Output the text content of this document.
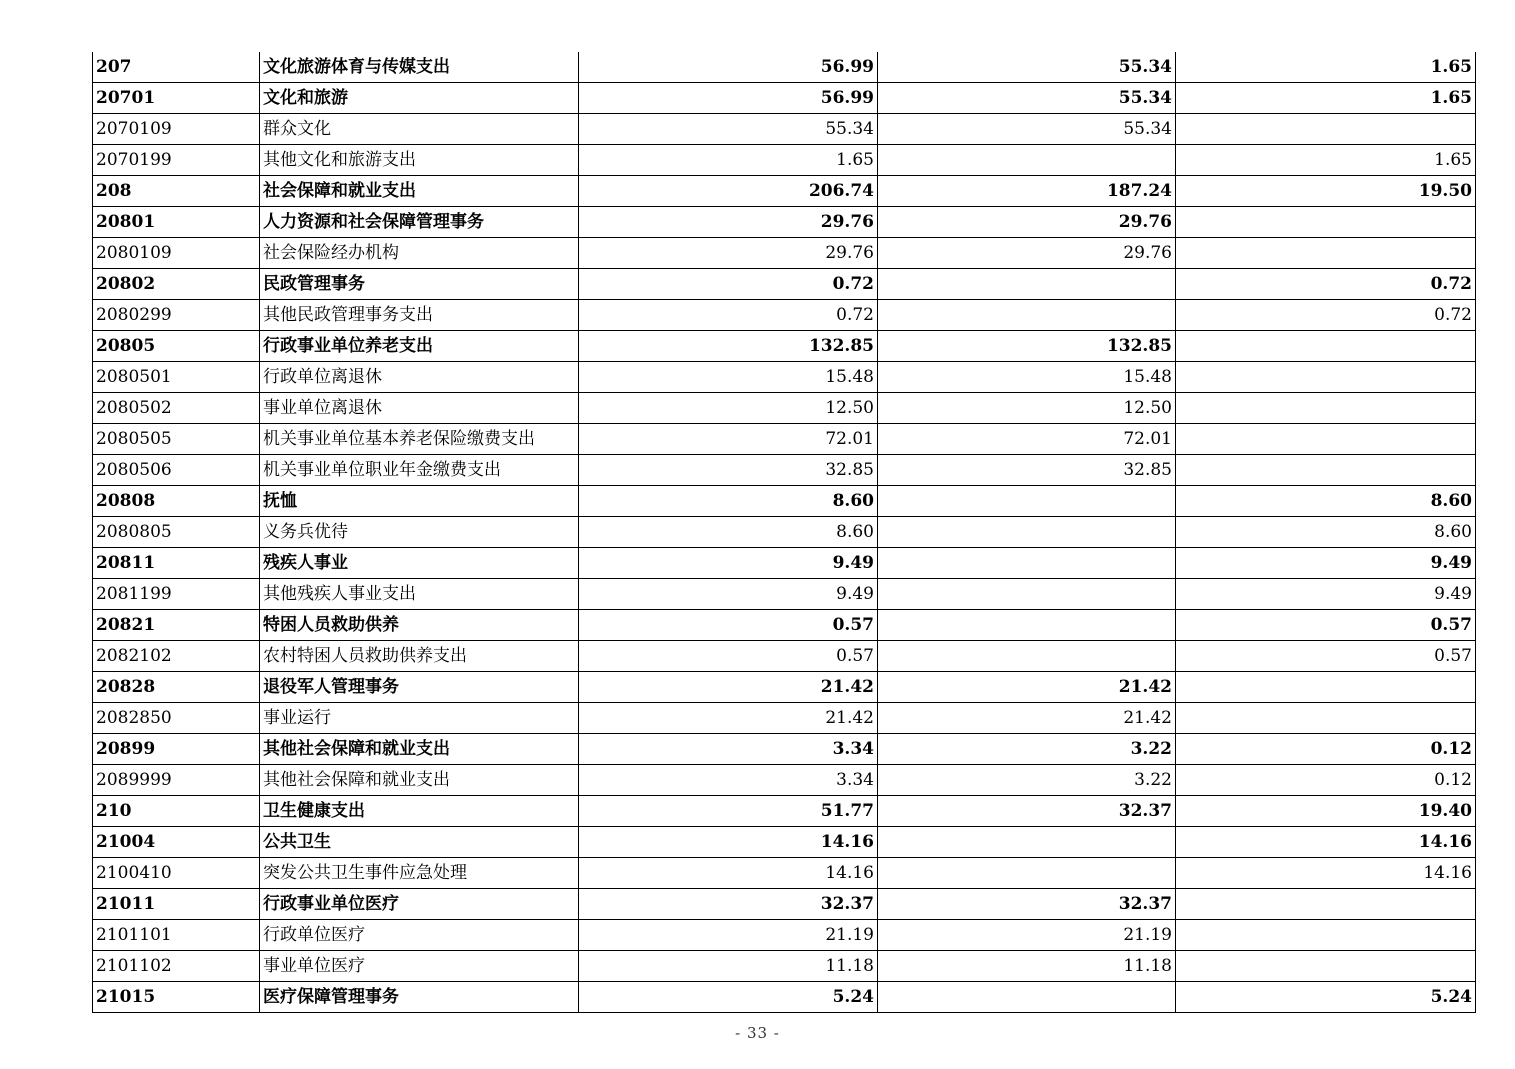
207	文化旅游体育与传媒支出	56.99	55.34	1.65
20701	文化和旅游	56.99	55.34	1.65
2070109	群众文化	55.34	55.34	
2070199	其他文化和旅游支出	1.65		1.65
208	社会保障和就业支出	206.74	187.24	19.50
20801	人力资源和社会保障管理事务	29.76	29.76	
2080109	社会保险经办机构	29.76	29.76	
20802	民政管理事务	0.72		0.72
2080299	其他民政管理事务支出	0.72		0.72
20805	行政事业单位养老支出	132.85	132.85	
2080501	行政单位离退休	15.48	15.48	
2080502	事业单位离退休	12.50	12.50	
2080505	机关事业单位基本养老保险缴费支出	72.01	72.01	
2080506	机关事业单位职业年金缴费支出	32.85	32.85	
20808	抚恤	8.60		8.60
2080805	义务兵优待	8.60		8.60
20811	残疾人事业	9.49		9.49
2081199	其他残疾人事业支出	9.49		9.49
20821	特困人员救助供养	0.57		0.57
2082102	农村特困人员救助供养支出	0.57		0.57
20828	退役军人管理事务	21.42	21.42	
2082850	事业运行	21.42	21.42	
20899	其他社会保障和就业支出	3.34	3.22	0.12
2089999	其他社会保障和就业支出	3.34	3.22	0.12
210	卫生健康支出	51.77	32.37	19.40
21004	公共卫生	14.16		14.16
2100410	突发公共卫生事件应急处理	14.16		14.16
21011	行政事业单位医疗	32.37	32.37	
2101101	行政单位医疗	21.19	21.19	
2101102	事业单位医疗	11.18	11.18	
21015	医疗保障管理事务	5.24		5.24
- 33 -
